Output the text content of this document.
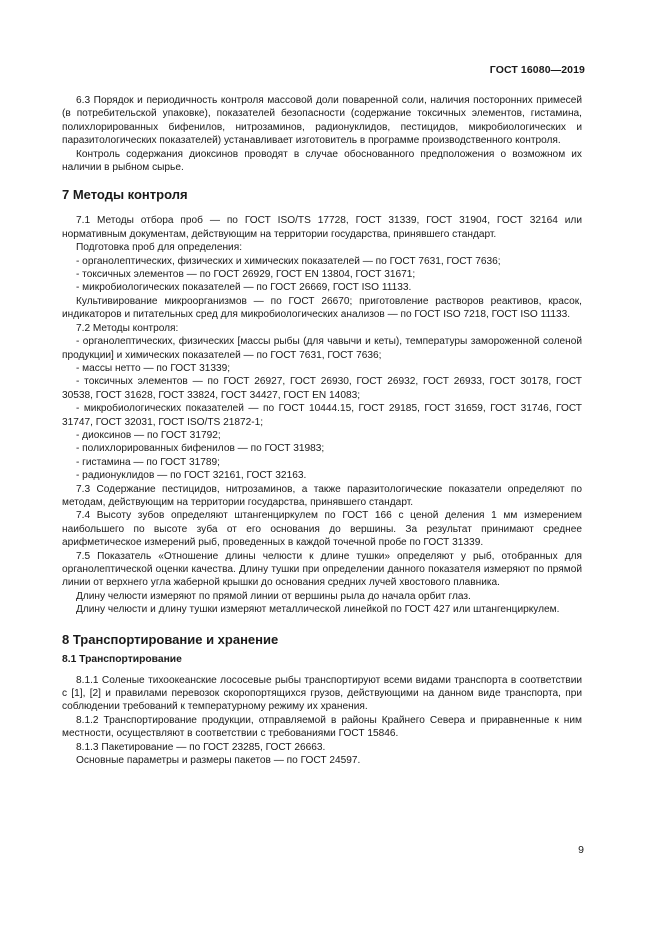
ГОСТ 16080—2019

6.3 Порядок и периодичность контроля массовой доли поваренной соли, наличия посторонних примесей (в потребительской упаковке), показателей безопасности (содержание токсичных элементов, гистамина, полихлорированных бифенилов, нитрозаминов, радионуклидов, пестицидов, микробиологических и паразитологических показателей) устанавливает изготовитель в программе производственного контроля.

Контроль содержания диоксинов проводят в случае обоснованного предположения о возможном их наличии в рыбном сырье.

7 Методы контроля

7.1 Методы отбора проб — по ГОСТ ISO/TS 17728, ГОСТ 31339, ГОСТ 31904, ГОСТ 32164 или нормативным документам, действующим на территории государства, принявшего стандарт.

Подготовка проб для определения:

- органолептических, физических и химических показателей — по ГОСТ 7631, ГОСТ 7636;

- токсичных элементов — по ГОСТ 26929, ГОСТ EN 13804, ГОСТ 31671;

- микробиологических показателей — по ГОСТ 26669, ГОСТ ISO 11133.

Культивирование микроорганизмов — по ГОСТ 26670; приготовление растворов реактивов, красок, индикаторов и питательных сред для микробиологических анализов — по ГОСТ ISO 7218, ГОСТ ISO 11133.

7.2 Методы контроля:

- органолептических, физических [массы рыбы (для чавычи и кеты), температуры замороженной соленой продукции] и химических показателей — по ГОСТ 7631, ГОСТ 7636;

- массы нетто — по ГОСТ 31339;

- токсичных элементов — по ГОСТ 26927, ГОСТ 26930, ГОСТ 26932, ГОСТ 26933, ГОСТ 30178, ГОСТ 30538, ГОСТ 31628, ГОСТ 33824, ГОСТ 34427, ГОСТ EN 14083;

- микробиологических показателей — по ГОСТ 10444.15, ГОСТ 29185, ГОСТ 31659, ГОСТ 31746, ГОСТ 31747, ГОСТ 32031, ГОСТ ISO/TS 21872-1;

- диоксинов — по ГОСТ 31792;

- полихлорированных бифенилов — по ГОСТ 31983;

- гистамина — по ГОСТ 31789;

- радионуклидов — по ГОСТ 32161, ГОСТ 32163.

7.3 Содержание пестицидов, нитрозаминов, а также паразитологические показатели определяют по методам, действующим на территории государства, принявшего стандарт.

7.4 Высоту зубов определяют штангенциркулем по ГОСТ 166 с ценой деления 1 мм измерением наибольшего по высоте зуба от его основания до вершины. За результат принимают среднее арифметическое измерений рыб, проведенных в каждой точечной пробе по ГОСТ 31339.

7.5 Показатель «Отношение длины челюсти к длине тушки» определяют у рыб, отобранных для органолептической оценки качества. Длину тушки при определении данного показателя измеряют по прямой линии от верхнего угла жаберной крышки до основания средних лучей хвостового плавника.

Длину челюсти измеряют по прямой линии от вершины рыла до начала орбит глаз.

Длину челюсти и длину тушки измеряют металлической линейкой по ГОСТ 427 или штангенциркулем.

8 Транспортирование и хранение
8.1 Транспортирование

8.1.1 Соленые тихоокеанские лососевые рыбы транспортируют всеми видами транспорта в соответствии с [1], [2] и правилами перевозок скоропортящихся грузов, действующими на данном виде транспорта, при соблюдении требований к температурному режиму их хранения.

8.1.2 Транспортирование продукции, отправляемой в районы Крайнего Севера и приравненные к ним местности, осуществляют в соответствии с требованиями ГОСТ 15846.

8.1.3 Пакетирование — по ГОСТ 23285, ГОСТ 26663.

Основные параметры и размеры пакетов — по ГОСТ 24597.

9
